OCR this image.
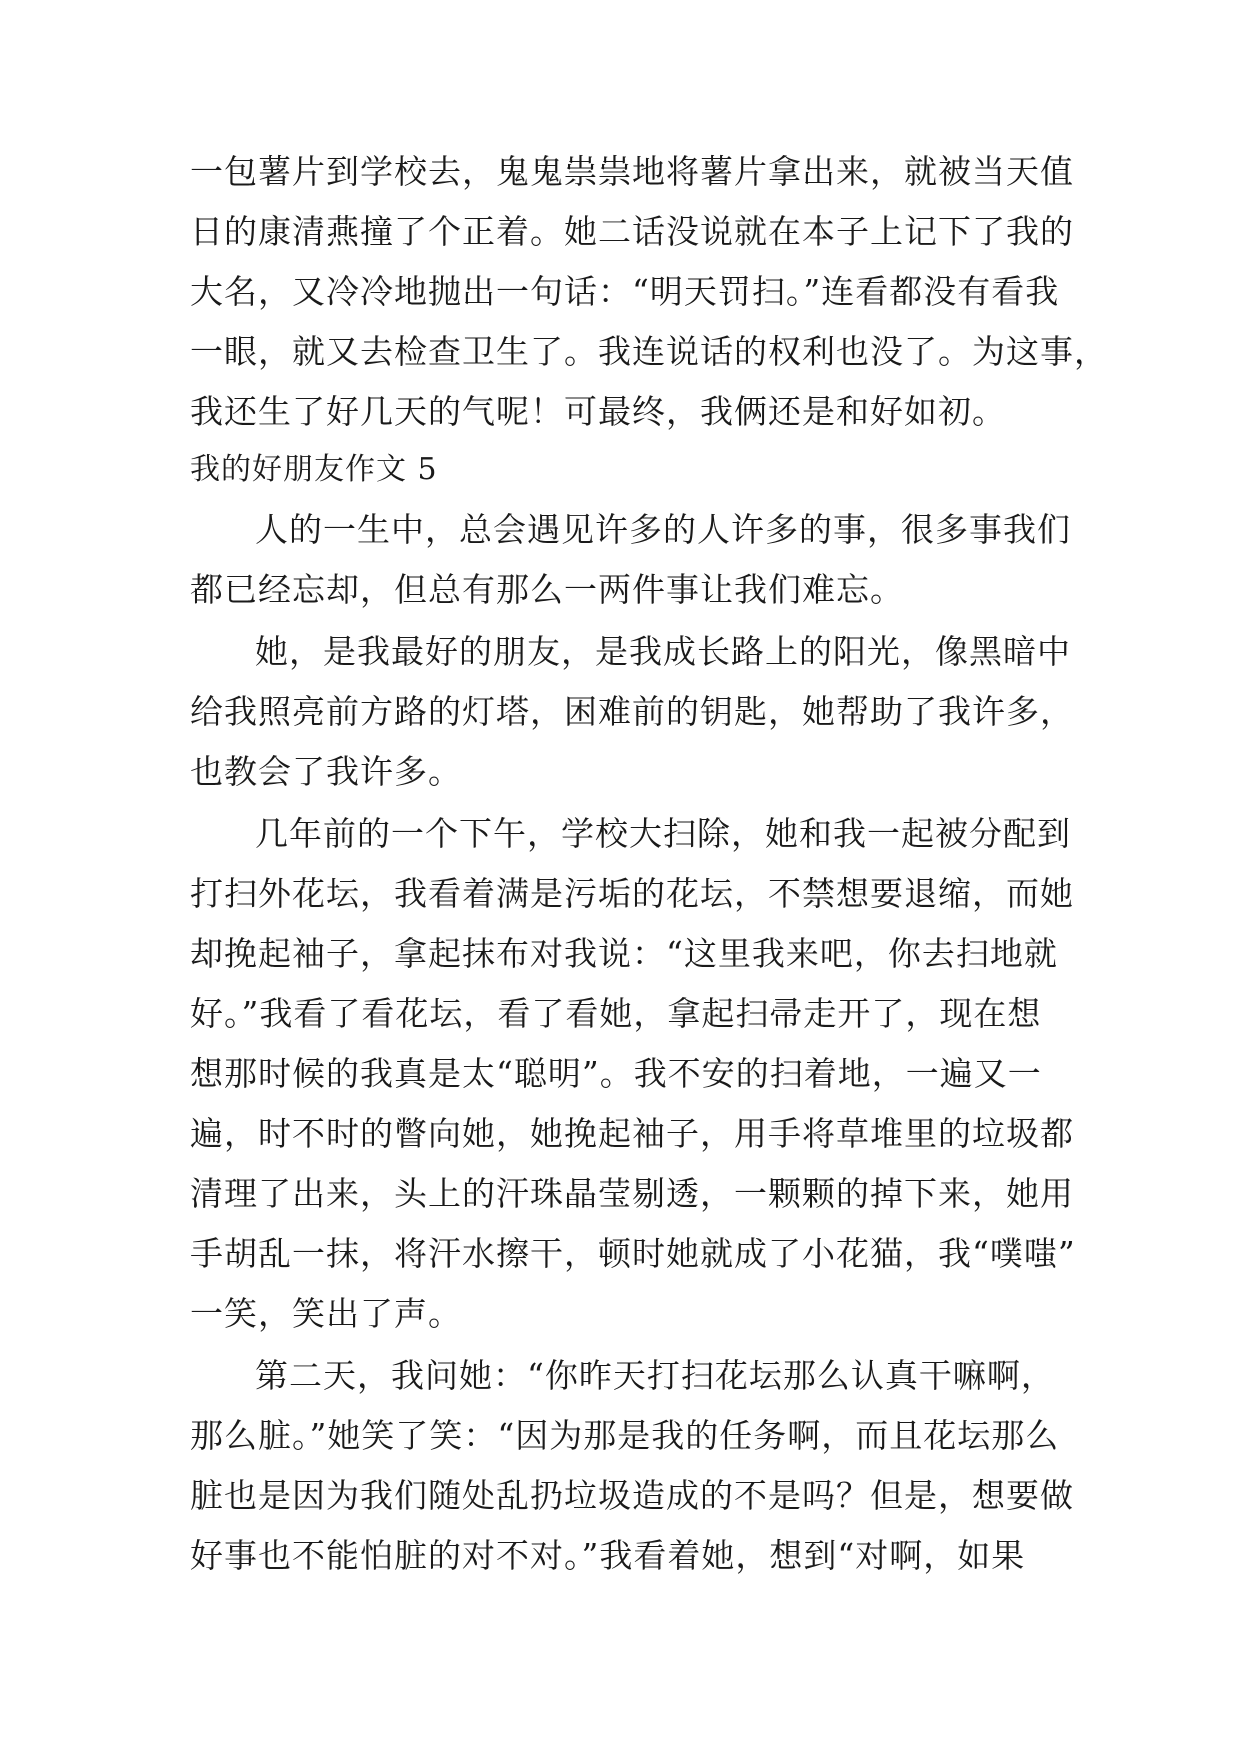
一包薯片到学校去，鬼鬼祟祟地将薯片拿出来，就被当天值
日的康清燕撞了个正着。她二话没说就在本子上记下了我的
大名，又冷冷地抛出一句话：“明天罚扫。”连看都没有看我
一眼，就又去检查卫生了。我连说话的权利也没了。为这事，
我还生了好几天的气呢！可最终，我俩还是和好如初。
我的好朋友作文 5
人的一生中，总会遇见许多的人许多的事，很多事我们
都已经忘却，但总有那么一两件事让我们难忘。
她，是我最好的朋友，是我成长路上的阳光，像黑暗中
给我照亮前方路的灯塔，困难前的钥匙，她帮助了我许多，
也教会了我许多。
几年前的一个下午，学校大扫除，她和我一起被分配到
打扫外花坛，我看着满是污垢的花坛，不禁想要退缩，而她
却挽起袖子，拿起抹布对我说：“这里我来吧，你去扫地就
好。”我看了看花坛，看了看她，拿起扫帚走开了，现在想
想那时候的我真是太“聪明”。我不安的扫着地，一遍又一
遍，时不时的瞥向她，她挽起袖子，用手将草堆里的垃圾都
清理了出来，头上的汗珠晶莹剔透，一颗颗的掉下来，她用
手胡乱一抹，将汗水擦干，顿时她就成了小花猫，我“噗嗤”
一笑，笑出了声。
第二天，我问她：“你昨天打扫花坛那么认真干嘛啊，
那么脏。”她笑了笑：“因为那是我的任务啊，而且花坛那么
脏也是因为我们随处乱扔垃圾造成的不是吗？但是，想要做
好事也不能怕脏的对不对。”我看着她，想到“对啊，如果
